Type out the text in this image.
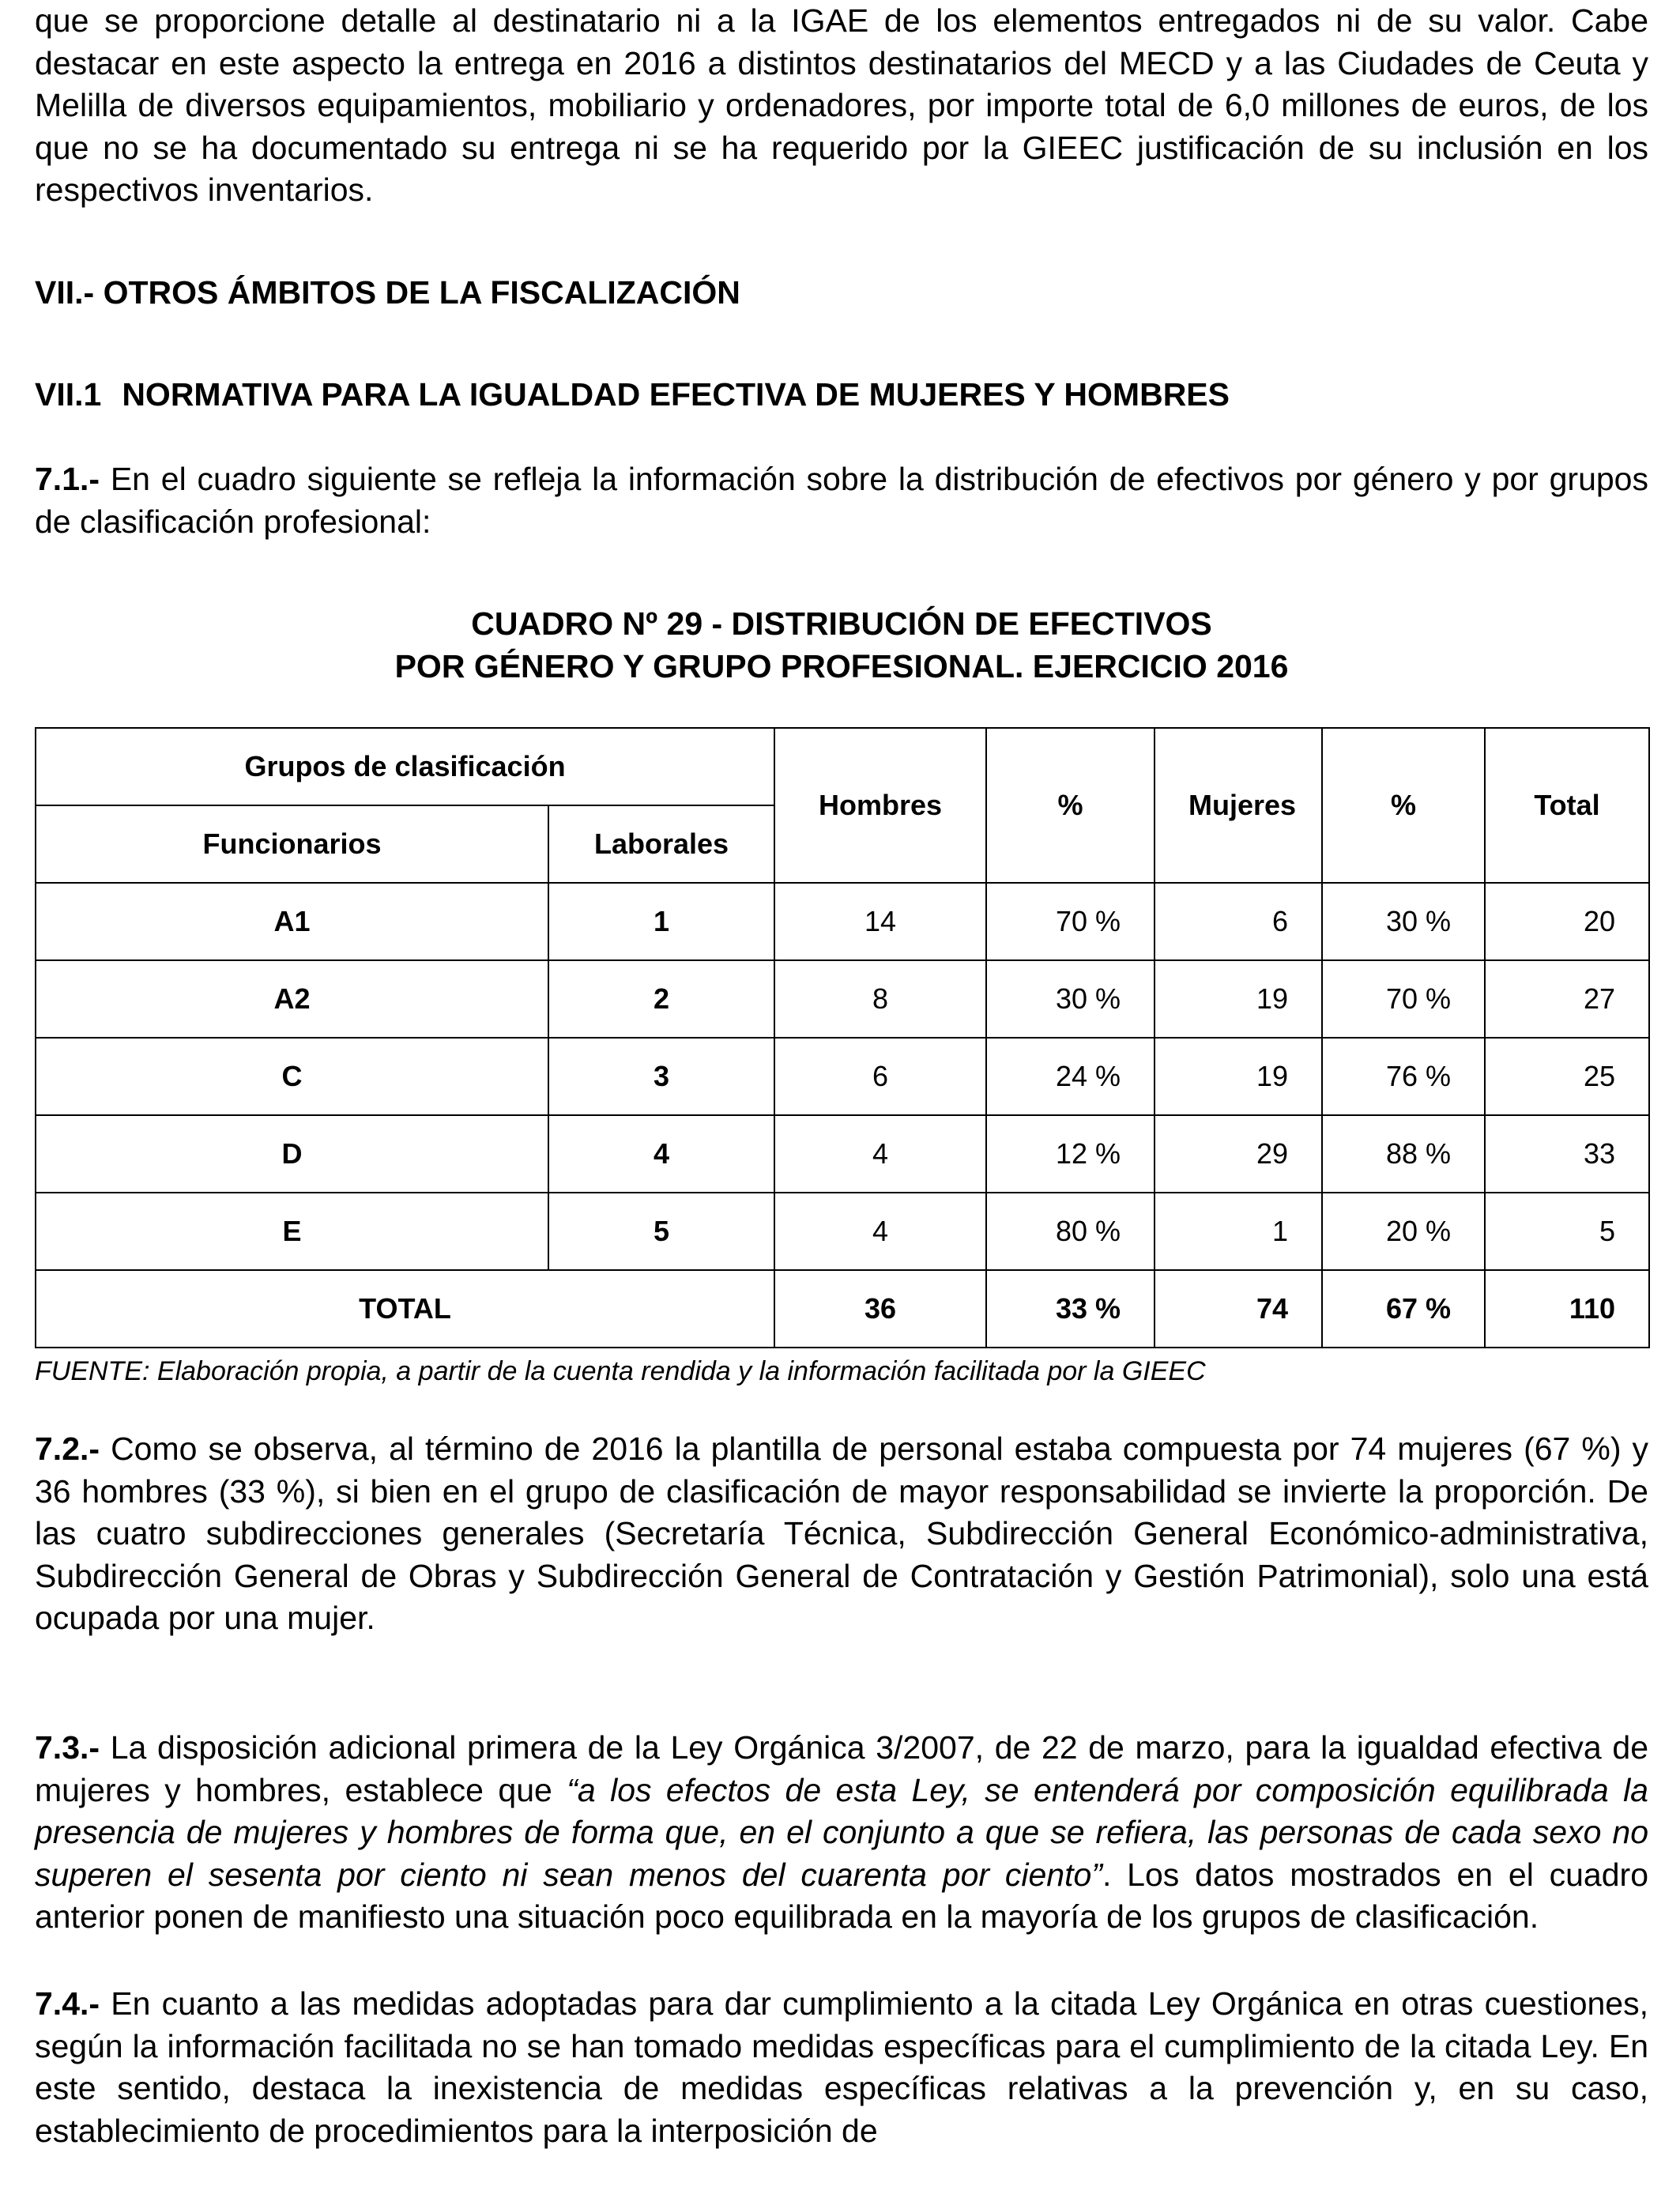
que se proporcione detalle al destinatario ni a la IGAE de los elementos entregados ni de su valor. Cabe destacar en este aspecto la entrega en 2016 a distintos destinatarios del MECD y a las Ciudades de Ceuta y Melilla de diversos equipamientos, mobiliario y ordenadores, por importe total de 6,0 millones de euros, de los que no se ha documentado su entrega ni se ha requerido por la GIEEC justificación de su inclusión en los respectivos inventarios.

VII.- OTROS ÁMBITOS DE LA FISCALIZACIÓN

VII.1 NORMATIVA PARA LA IGUALDAD EFECTIVA DE MUJERES Y HOMBRES

7.1.- En el cuadro siguiente se refleja la información sobre la distribución de efectivos por género y por grupos de clasificación profesional:

CUADRO Nº 29 - DISTRIBUCIÓN DE EFECTIVOS

POR GÉNERO Y GRUPO PROFESIONAL. EJERCICIO 2016

Grupos de clasificación		Hombres	%	Mujeres	%	Total
Funcionarios	Laborales					
A1	1	14	70 %	6	30 %	20
A2	2	8	30 %	19	70 %	27
C	3	6	24 %	19	76 %	25
D	4	4	12 %	29	88 %	33
E	5	4	80 %	1	20 %	5
TOTAL		36	33 %	74	67 %	110

FUENTE: Elaboración propia, a partir de la cuenta rendida y la información facilitada por la GIEEC

7.2.- Como se observa, al término de 2016 la plantilla de personal estaba compuesta por 74 mujeres (67 %) y 36 hombres (33 %), si bien en el grupo de clasificación de mayor responsabilidad se invierte la proporción. De las cuatro subdirecciones generales (Secretaría Técnica, Subdirección General Económico-administrativa, Subdirección General de Obras y Subdirección General de Contratación y Gestión Patrimonial), solo una está ocupada por una mujer.

7.3.- La disposición adicional primera de la Ley Orgánica 3/2007, de 22 de marzo, para la igualdad efectiva de mujeres y hombres, establece que “a los efectos de esta Ley, se entenderá por composición equilibrada la presencia de mujeres y hombres de forma que, en el conjunto a que se refiera, las personas de cada sexo no superen el sesenta por ciento ni sean menos del cuarenta por ciento”. Los datos mostrados en el cuadro anterior ponen de manifiesto una situación poco equilibrada en la mayoría de los grupos de clasificación.

7.4.- En cuanto a las medidas adoptadas para dar cumplimiento a la citada Ley Orgánica en otras cuestiones, según la información facilitada no se han tomado medidas específicas para el cumplimiento de la citada Ley. En este sentido, destaca la inexistencia de medidas específicas relativas a la prevención y, en su caso, establecimiento de procedimientos para la interposición de
